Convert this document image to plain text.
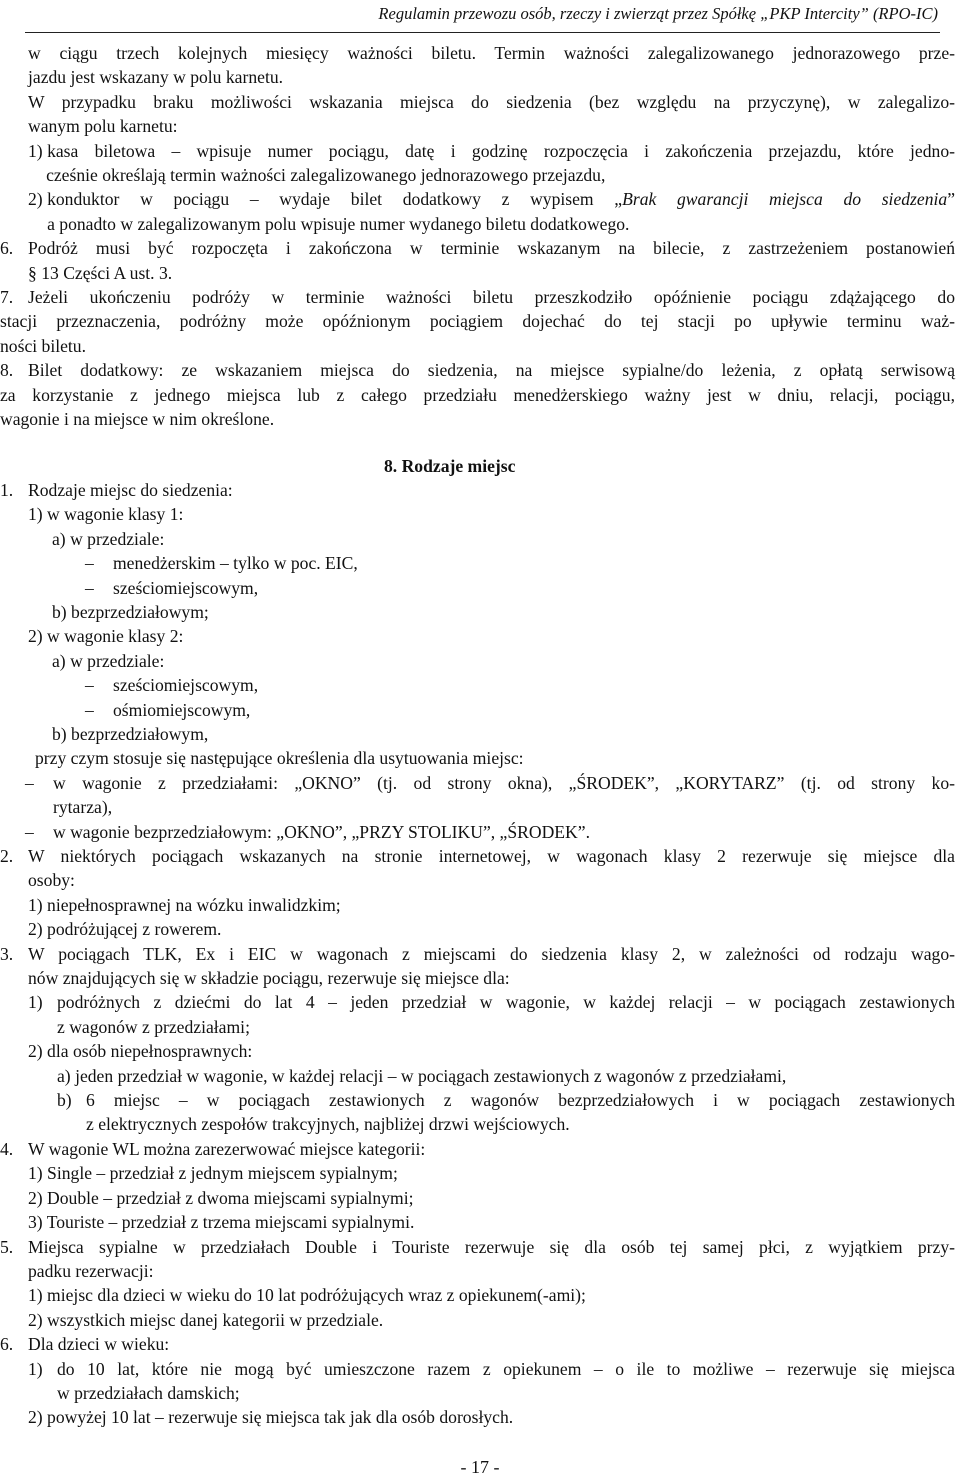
Regulamin przewozu osób, rzeczy i zwierząt przez Spółkę „PKP Intercity” (RPO-IC)

w ciągu trzech kolejnych miesięcy ważności biletu. Termin ważności zalegalizowanego jednorazowego prze-

jazdu jest wskazany w polu karnetu.

W przypadku braku możliwości wskazania miejsca do siedzenia (bez względu na przyczynę), w zalegalizo-

wanym polu karnetu:

1) kasa biletowa – wpisuje numer pociągu, datę i godzinę rozpoczęcia i zakończenia przejazdu, które jedno-

cześnie określają termin ważności zalegalizowanego jednorazowego przejazdu,

2) konduktor w pociągu – wydaje bilet dodatkowy z wypisem „Brak gwarancji miejsca do siedzenia”

a ponadto w zalegalizowanym polu wpisuje numer wydanego biletu dodatkowego.

6. Podróż musi być rozpoczęta i zakończona w terminie wskazanym na bilecie, z zastrzeżeniem postanowień

§ 13 Części A ust. 3.

7. Jeżeli ukończeniu podróży w terminie ważności biletu przeszkodziło opóźnienie pociągu zdążającego do

stacji przeznaczenia, podróżny może opóźnionym pociągiem dojechać do tej stacji po upływie terminu waż-

ności biletu.

8. Bilet dodatkowy: ze wskazaniem miejsca do siedzenia, na miejsce sypialne/do leżenia, z opłatą serwisową

za korzystanie z jednego miejsca lub z całego przedziału menedżerskiego ważny jest w dniu, relacji, pociągu,

wagonie i na miejsce w nim określone.

8. Rodzaje miejsc

1. Rodzaje miejsc do siedzenia:

1) w wagonie klasy 1:

a) w przedziale:

–	menedżerskim – tylko w poc. EIC,
–	sześciomiejscowym,

b) bezprzedziałowym;

2) w wagonie klasy 2:

a) w przedziale:

–	sześciomiejscowym,
–	ośmiomiejscowym,

b) bezprzedziałowym,

przy czym stosuje się następujące określenia dla usytuowania miejsc:

–	w wagonie z przedziałami: „OKNO” (tj. od strony okna), „ŚRODEK”, „KORYTARZ” (tj. od strony ko-

rytarza),

–	w wagonie bezprzedziałowym: „OKNO”, „PRZY STOLIKU”, „ŚRODEK”.
2. W niektórych pociągach wskazanych na stronie internetowej, w wagonach klasy 2 rezerwuje się miejsce dla

osoby:

1) niepełnosprawnej na wózku inwalidzkim;

2) podróżującej z rowerem.

3. W pociągach TLK, Ex i EIC w wagonach z miejscami do siedzenia klasy 2, w zależności od rodzaju wago-

nów znajdujących się w składzie pociągu, rezerwuje się miejsce dla:

1) podróżnych z dziećmi do lat 4 – jeden przedział w wagonie, w każdej relacji – w pociągach zestawionych

z wagonów z przedziałami;

2) dla osób niepełnosprawnych:

a) jeden przedział w wagonie, w każdej relacji – w pociągach zestawionych z wagonów z przedziałami,

b) 6 miejsc – w pociągach zestawionych z wagonów bezprzedziałowych i w pociągach zestawionych

z elektrycznych zespołów trakcyjnych, najbliżej drzwi wejściowych.

4. W wagonie WL można zarezerwować miejsce kategorii:

1) Single – przedział z jednym miejscem sypialnym;

2) Double – przedział z dwoma miejscami sypialnymi;

3) Touriste – przedział z trzema miejscami sypialnymi.

5. Miejsca sypialne w przedziałach Double i Touriste rezerwuje się dla osób tej samej płci, z wyjątkiem przy-

padku rezerwacji:

1) miejsc dla dzieci w wieku do 10 lat podróżujących wraz z opiekunem(-ami);

2) wszystkich miejsc danej kategorii w przedziale.

6. Dla dzieci w wieku:

1) do 10 lat, które nie mogą być umieszczone razem z opiekunem – o ile to możliwe – rezerwuje się miejsca

w przedziałach damskich;

2) powyżej 10 lat – rezerwuje się miejsca tak jak dla osób dorosłych.

- 17 -
